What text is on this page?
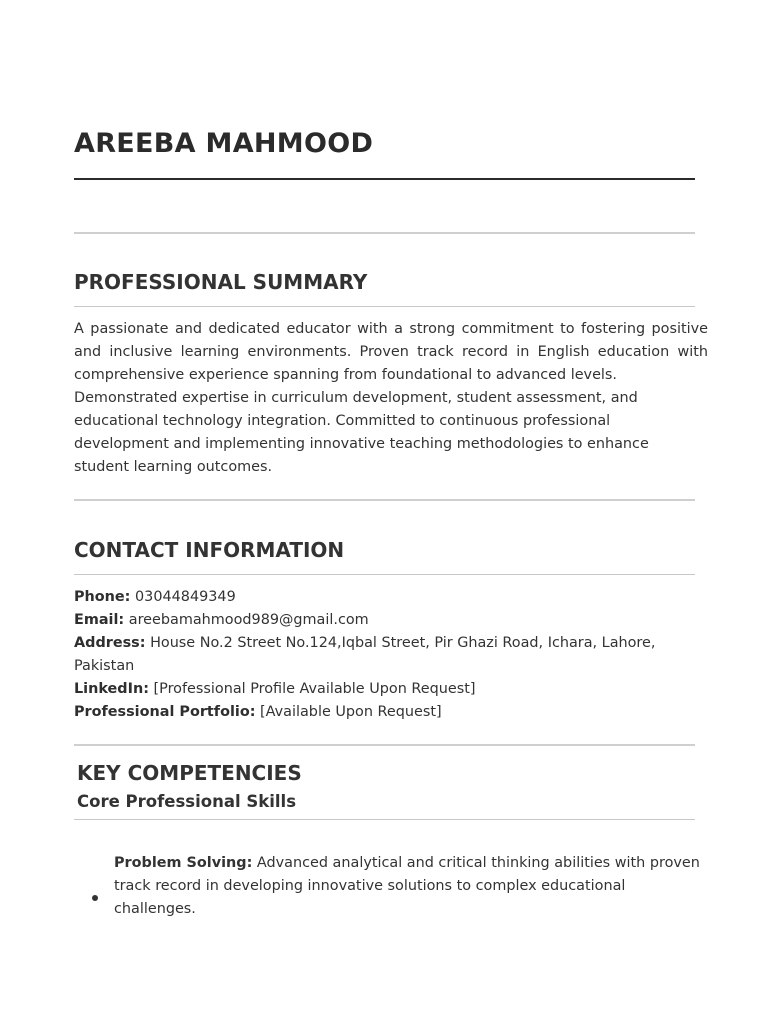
AREEBA MAHMOOD
PROFESSIONAL SUMMARY
A passionate and dedicated educator with a strong commitment to fostering positive and inclusive learning environments. Proven track record in English education with comprehensive experience spanning from foundational to advanced levels.
Demonstrated expertise in curriculum development, student assessment, and educational technology integration. Committed to continuous professional development and implementing innovative teaching methodologies to enhance student learning outcomes.
CONTACT INFORMATION
Phone: 03044849349
Email: areebamahmood989@gmail.com
Address: House No.2 Street No.124,Iqbal Street, Pir Ghazi Road, Ichara, Lahore, Pakistan
LinkedIn: [Professional Profile Available Upon Request]
Professional Portfolio: [Available Upon Request]
KEY COMPETENCIES
Core Professional Skills
Problem Solving: Advanced analytical and critical thinking abilities with proven track record in developing innovative solutions to complex educational challenges.
